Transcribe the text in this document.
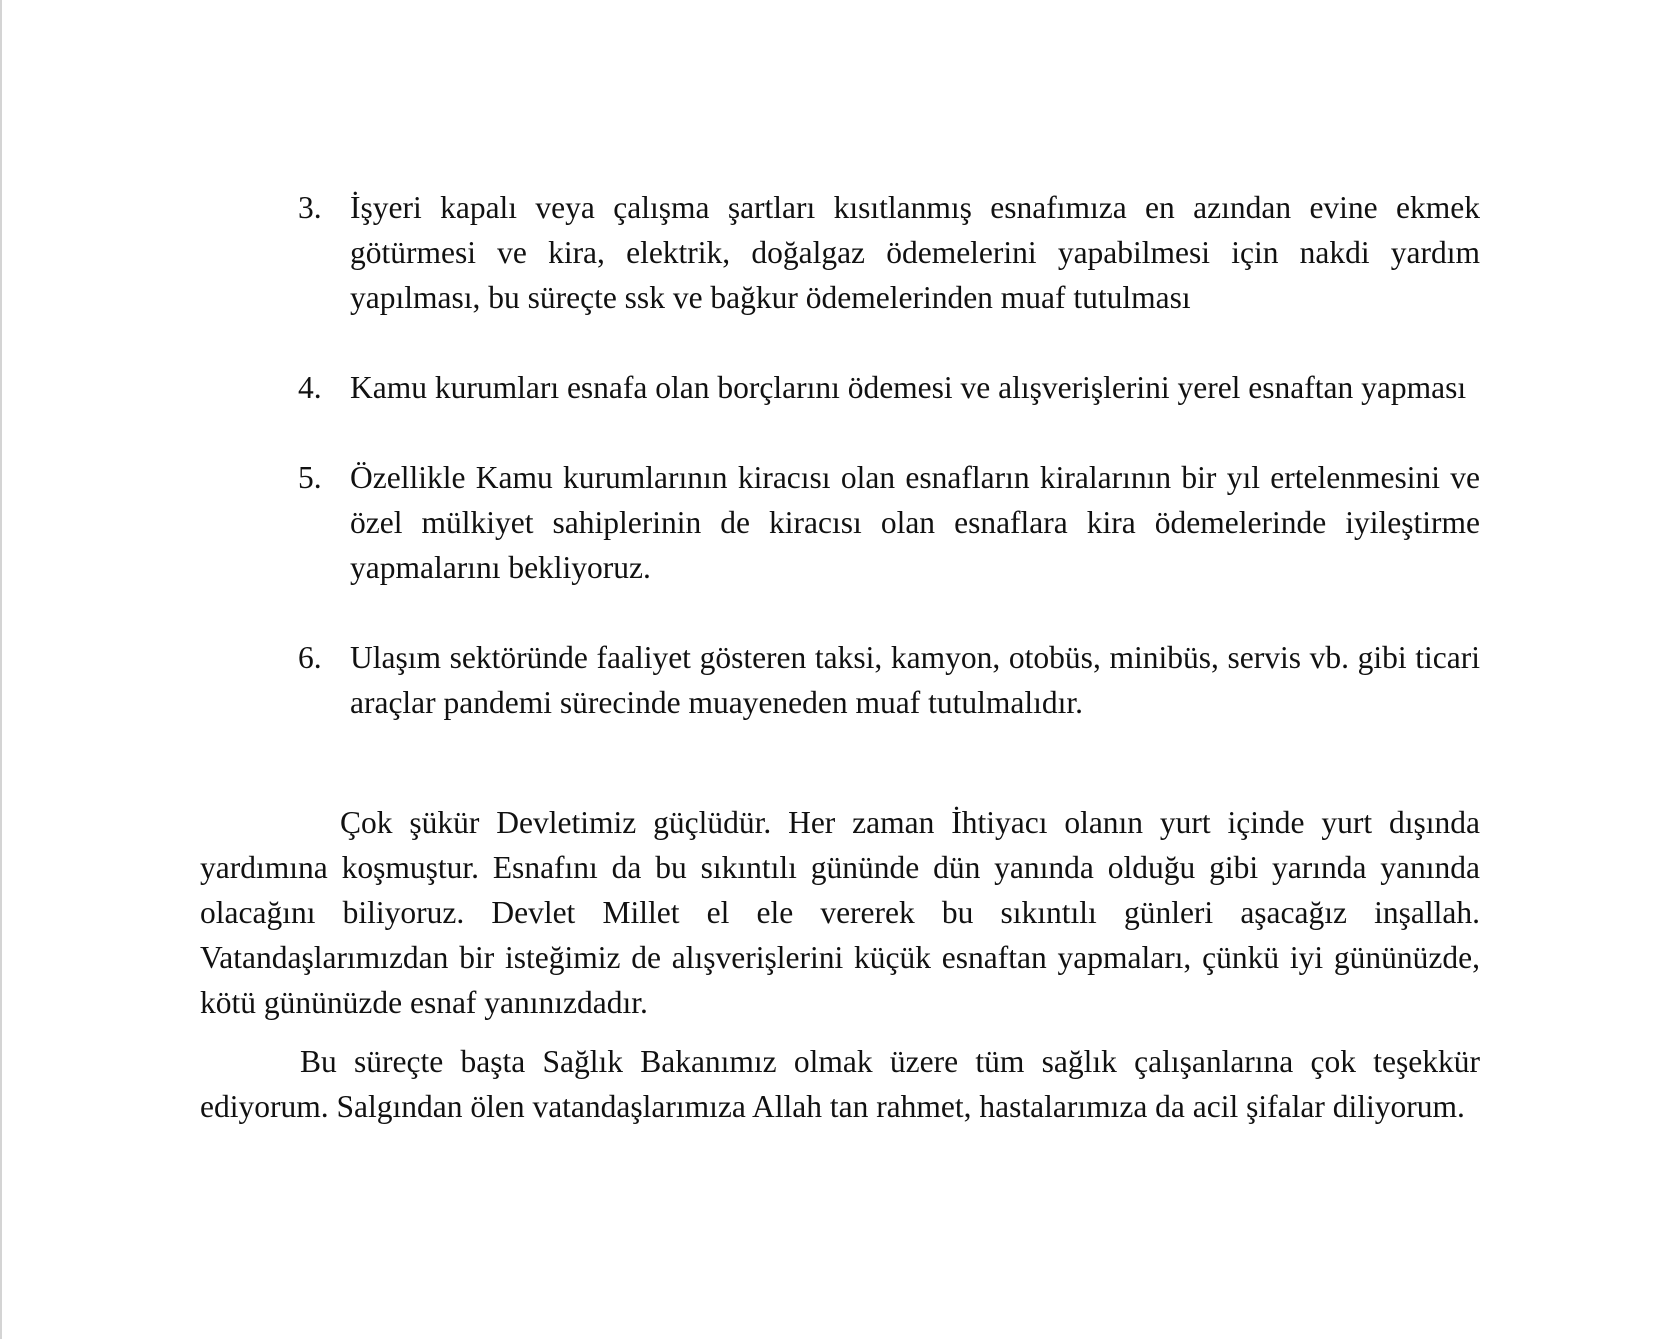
3. İşyeri kapalı veya çalışma şartları kısıtlanmış esnafımıza en azından evine ekmek götürmesi ve kira, elektrik, doğalgaz ödemelerini yapabilmesi için nakdi yardım yapılması, bu süreçte ssk ve bağkur ödemelerinden muaf tutulması
4. Kamu kurumları esnafa olan borçlarını ödemesi ve alışverişlerini yerel esnaftan yapması
5. Özellikle Kamu kurumlarının kiracısı olan esnafların kiralarının bir yıl ertelenmesini ve özel mülkiyet sahiplerinin de kiracısı olan esnaflara kira ödemelerinde iyileştirme yapmalarını bekliyoruz.
6. Ulaşım sektöründe faaliyet gösteren taksi, kamyon, otobüs, minibüs, servis vb. gibi ticari araçlar pandemi sürecinde muayeneden muaf tutulmalıdır.

Çok şükür Devletimiz güçlüdür. Her zaman İhtiyacı olanın yurt içinde yurt dışında yardımına koşmuştur. Esnafını da bu sıkıntılı gününde dün yanında olduğu gibi yarında yanında olacağını biliyoruz. Devlet Millet el ele vererek bu sıkıntılı günleri aşacağız inşallah. Vatandaşlarımızdan bir isteğimiz de alışverişlerini küçük esnaftan yapmaları, çünkü iyi gününüzde, kötü gününüzde esnaf yanınızdadır.

Bu süreçte başta Sağlık Bakanımız olmak üzere tüm sağlık çalışanlarına çok teşekkür ediyorum. Salgından ölen vatandaşlarımıza Allah tan rahmet, hastalarımıza da acil şifalar diliyorum.
